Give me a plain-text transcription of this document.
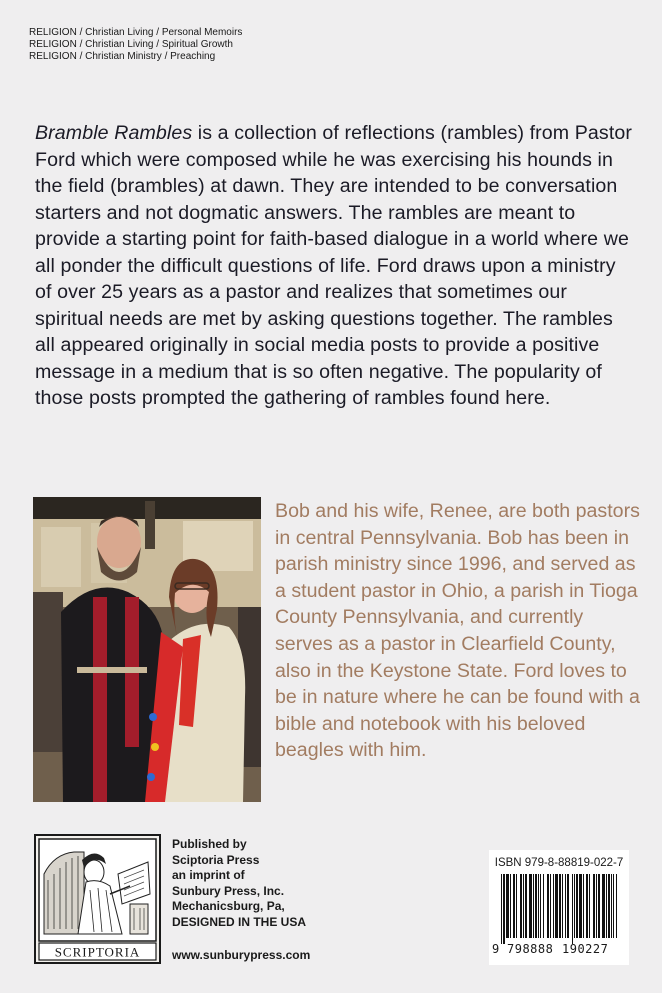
RELIGION / Christian Living / Personal Memoirs
RELIGION / Christian Living / Spiritual Growth
RELIGION / Christian Ministry / Preaching
Bramble Rambles is a collection of reflections (rambles) from Pastor Ford which were composed while he was exercising his hounds in the field (brambles) at dawn. They are intended to be conversation starters and not dogmatic answers. The rambles are meant to provide a starting point for faith-based dialogue in a world where we all ponder the difficult questions of life. Ford draws upon a ministry of over 25 years as a pastor and realizes that sometimes our spiritual needs are met by asking questions together. The rambles all appeared originally in social media posts to provide a positive message in a medium that is so often negative. The popularity of those posts prompted the gathering of rambles found here.
Bob and his wife, Renee, are both pastors in central Pennsylvania. Bob has been in parish ministry since 1996, and served as a student pastor in Ohio, a parish in Tioga County Pennsylvania, and currently serves as a pastor in Clearfield County, also in the Keystone State. Ford loves to be in nature where he can be found with a bible and notebook with his beloved beagles with him.
SCRIPTORIA
Published by
Sciptoria Press
an imprint of
Sunbury Press, Inc.
Mechanicsburg, Pa,
DESIGNED IN THE USA
www.sunburypress.com
ISBN 979-8-88819-022-7
9 798888 190227
